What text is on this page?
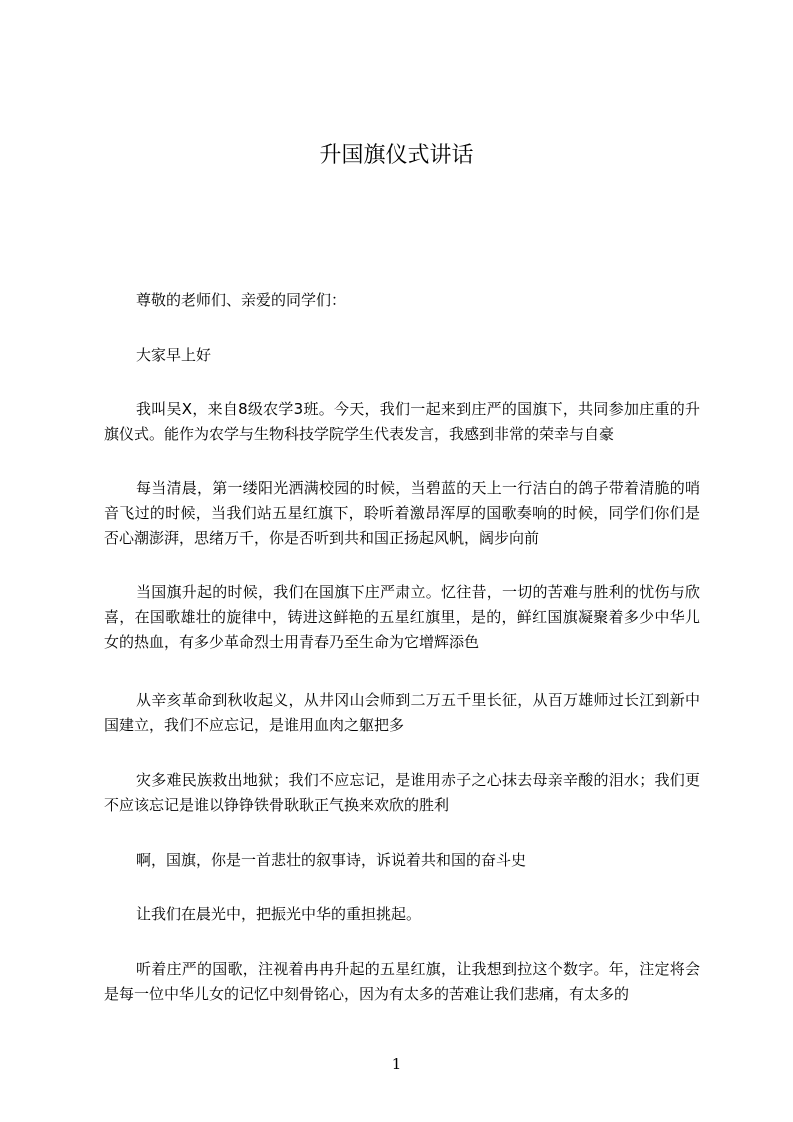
升国旗仪式讲话

尊敬的老师们、亲爱的同学们：

大家早上好

我叫吴X，来自8级农学3班。今天，我们一起来到庄严的国旗下，共同参加庄重的升旗仪式。能作为农学与生物科技学院学生代表发言，我感到非常的荣幸与自豪

每当清晨，第一缕阳光洒满校园的时候，当碧蓝的天上一行洁白的鸽子带着清脆的哨音飞过的时候，当我们站五星红旗下，聆听着激昂浑厚的国歌奏响的时候，同学们你们是否心潮澎湃，思绪万千，你是否听到共和国正扬起风帆，阔步向前

当国旗升起的时候，我们在国旗下庄严肃立。忆往昔，一切的苦难与胜利的忧伤与欣喜，在国歌雄壮的旋律中，铸进这鲜艳的五星红旗里，是的，鲜红国旗凝聚着多少中华儿女的热血，有多少革命烈士用青春乃至生命为它增辉添色

从辛亥革命到秋收起义，从井冈山会师到二万五千里长征，从百万雄师过长江到新中国建立，我们不应忘记，是谁用血肉之躯把多

灾多难民族救出地狱；我们不应忘记，是谁用赤子之心抹去母亲辛酸的泪水；我们更不应该忘记是谁以铮铮铁骨耿耿正气换来欢欣的胜利

啊，国旗，你是一首悲壮的叙事诗，诉说着共和国的奋斗史

让我们在晨光中，把振光中华的重担挑起。

听着庄严的国歌，注视着冉冉升起的五星红旗，让我想到拉这个数字。年，注定将会是每一位中华儿女的记忆中刻骨铭心，因为有太多的苦难让我们悲痛，有太多的

1
